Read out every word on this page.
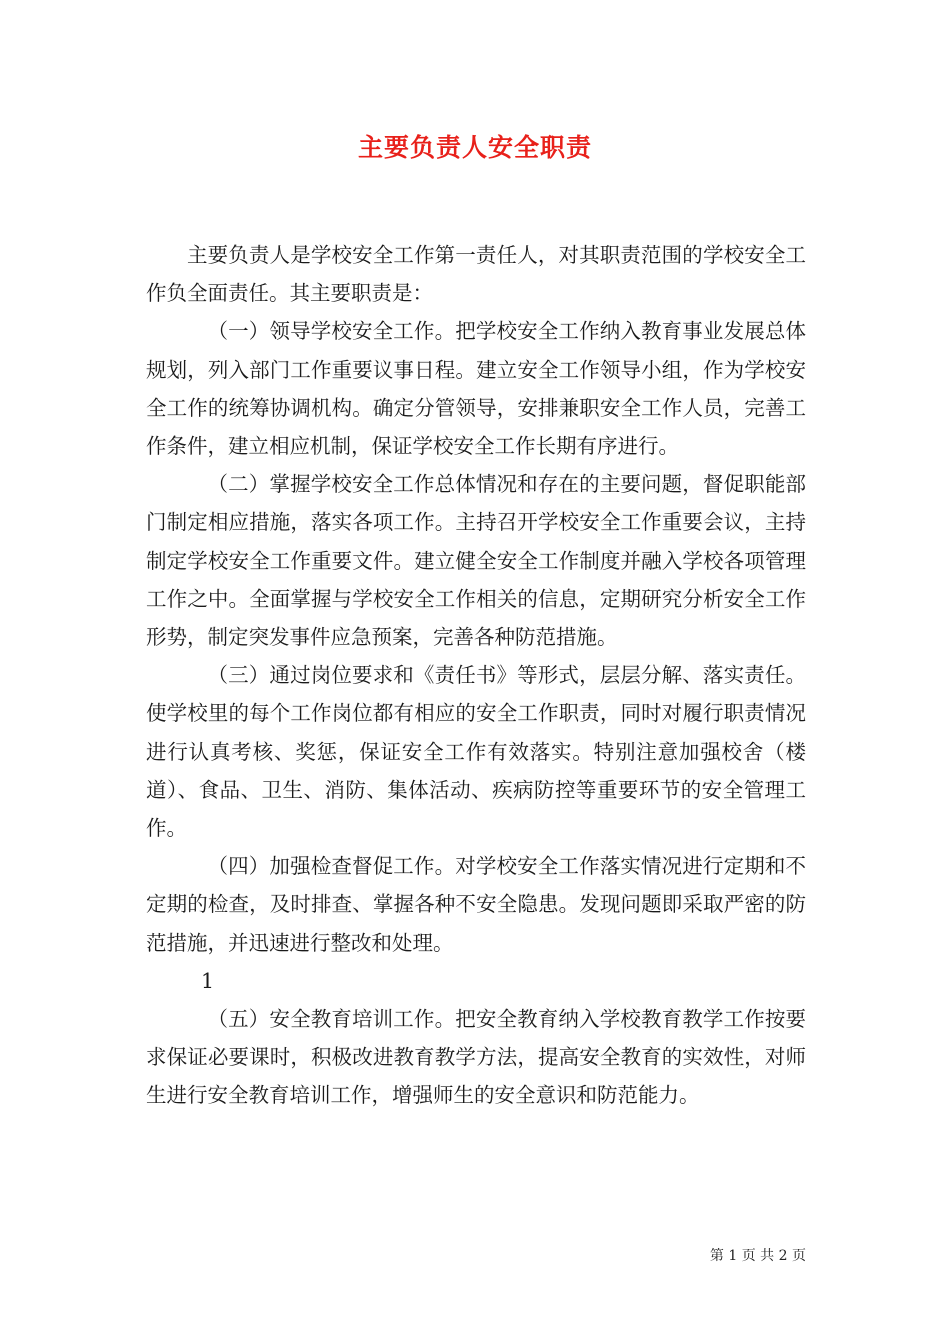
主要负责人安全职责

主要负责人是学校安全工作第一责任人，对其职责范围的学校安全工作负全面责任。其主要职责是：

（一）领导学校安全工作。把学校安全工作纳入教育事业发展总体规划，列入部门工作重要议事日程。建立安全工作领导小组，作为学校安全工作的统筹协调机构。确定分管领导，安排兼职安全工作人员，完善工作条件，建立相应机制，保证学校安全工作长期有序进行。

（二）掌握学校安全工作总体情况和存在的主要问题，督促职能部门制定相应措施，落实各项工作。主持召开学校安全工作重要会议，主持制定学校安全工作重要文件。建立健全安全工作制度并融入学校各项管理工作之中。全面掌握与学校安全工作相关的信息，定期研究分析安全工作形势，制定突发事件应急预案，完善各种防范措施。

（三）通过岗位要求和《责任书》等形式，层层分解、落实责任。使学校里的每个工作岗位都有相应的安全工作职责，同时对履行职责情况进行认真考核、奖惩，保证安全工作有效落实。特别注意加强校舍（楼道）、食品、卫生、消防、集体活动、疾病防控等重要环节的安全管理工作。

（四）加强检查督促工作。对学校安全工作落实情况进行定期和不定期的检查，及时排查、掌握各种不安全隐患。发现问题即采取严密的防范措施，并迅速进行整改和处理。

1

（五）安全教育培训工作。把安全教育纳入学校教育教学工作按要求保证必要课时，积极改进教育教学方法，提高安全教育的实效性，对师生进行安全教育培训工作，增强师生的安全意识和防范能力。

第 1 页 共 2 页
